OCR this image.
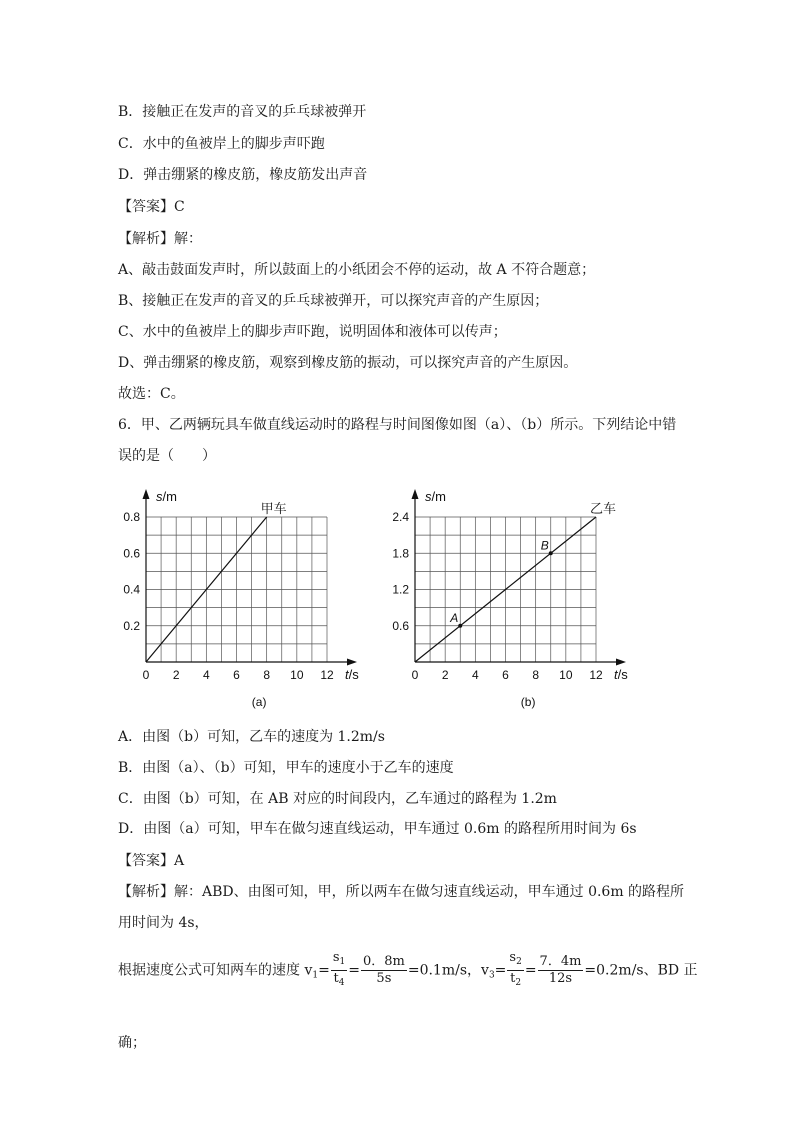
B．接触正在发声的音叉的乒乓球被弹开
C．水中的鱼被岸上的脚步声吓跑
D．弹击绷紧的橡皮筋，橡皮筋发出声音
【答案】C
【解析】解：
A、敲击鼓面发声时，所以鼓面上的小纸团会不停的运动，故 A 不符合题意；
B、接触正在发声的音叉的乒乓球被弹开，可以探究声音的产生原因；
C、水中的鱼被岸上的脚步声吓跑，说明固体和液体可以传声；
D、弹击绷紧的橡皮筋，观察到橡皮筋的振动，可以探究声音的产生原因。
故选：C。
6．甲、乙两辆玩具车做直线运动时的路程与时间图像如图（a）、（b）所示。下列结论中错
误的是（　　）
0 2 4 6 8 10 12
0.2
0.4
0.6
0.8
t/s
s/m
甲车
(a)
0 2 4 6 8 10 12
0.6
1.2
1.8
2.4
t/s
s/m
乙车
A
B
(b)
A．由图（b）可知，乙车的速度为 1.2m/s
B．由图（a）、（b）可知，甲车的速度小于乙车的速度
C．由图（b）可知，在 AB 对应的时间段内，乙车通过的路程为 1.2m
D．由图（a）可知，甲车在做匀速直线运动，甲车通过 0.6m 的路程所用时间为 6s
【答案】A
【解析】解：ABD、由图可知，甲，所以两车在做匀速直线运动，甲车通过 0.6m 的路程所
用时间为 4s，
根据速度公式可知两车的速度 $v_1= \frac{s_1}{t_4} = \frac{0.8m}{5s} =0.1m/s$，$v_3= \frac{s_2}{t_2} = \frac{7.4m}{12s} =0.2m/s$、BD 正
确；
